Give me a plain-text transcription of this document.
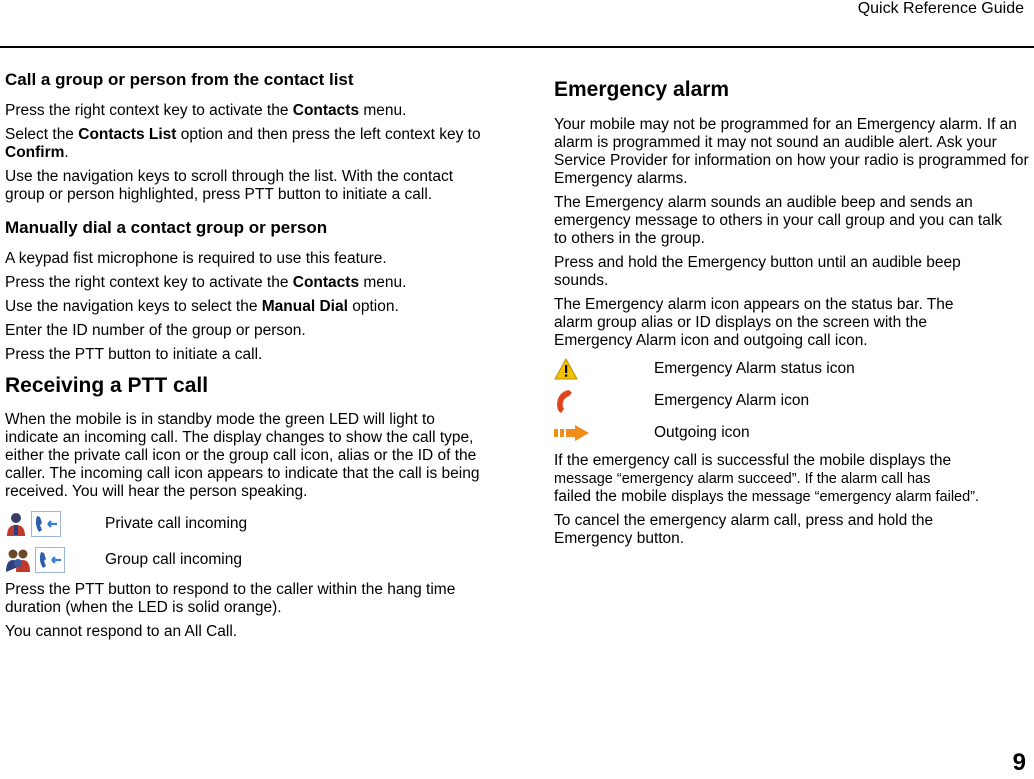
Quick Reference Guide
Call a group or person from the contact list

Press the right context key to activate the Contacts menu.

Select the Contacts List option and then press the left context key to Confirm.

Use the navigation keys to scroll through the list. With the contact group or person highlighted, press PTT button to initiate a call.

Manually dial a contact group or person

A keypad fist microphone is required to use this feature.

Press the right context key to activate the Contacts menu.

Use the navigation keys to select the Manual Dial option.

Enter the ID number of the group or person.

Press the PTT button to initiate a call.

Receiving a PTT call

When the mobile is in standby mode the green LED will light to indicate an incoming call. The display changes to show the call type, either the private call icon or the group call icon, alias or the ID of the caller. The incoming call icon appears to indicate that the call is being received. You will hear the person speaking.

Private call incoming
Group call incoming

Press the PTT button to respond to the caller within the hang time duration (when the LED is solid orange).

You cannot respond to an All Call.

Emergency alarm

Your mobile may not be programmed for an Emergency alarm. If an alarm is programmed it may not sound an audible alert. Ask your Service Provider for information on how your radio is programmed for Emergency alarms.

The Emergency alarm sounds an audible beep and sends an emergency message to others in your call group and you can talk to others in the group.

Press and hold the Emergency button until an audible beep sounds.

The Emergency alarm icon appears on the status bar. The alarm group alias or ID displays on the screen with the Emergency Alarm icon and outgoing call icon.

Emergency Alarm status icon
Emergency Alarm icon
Outgoing icon

If the emergency call is successful the mobile displays the
message “emergency alarm succeed”. If the alarm call has
failed the mobile displays the message “emergency alarm failed”.

To cancel the emergency alarm call, press and hold the Emergency button.

9
